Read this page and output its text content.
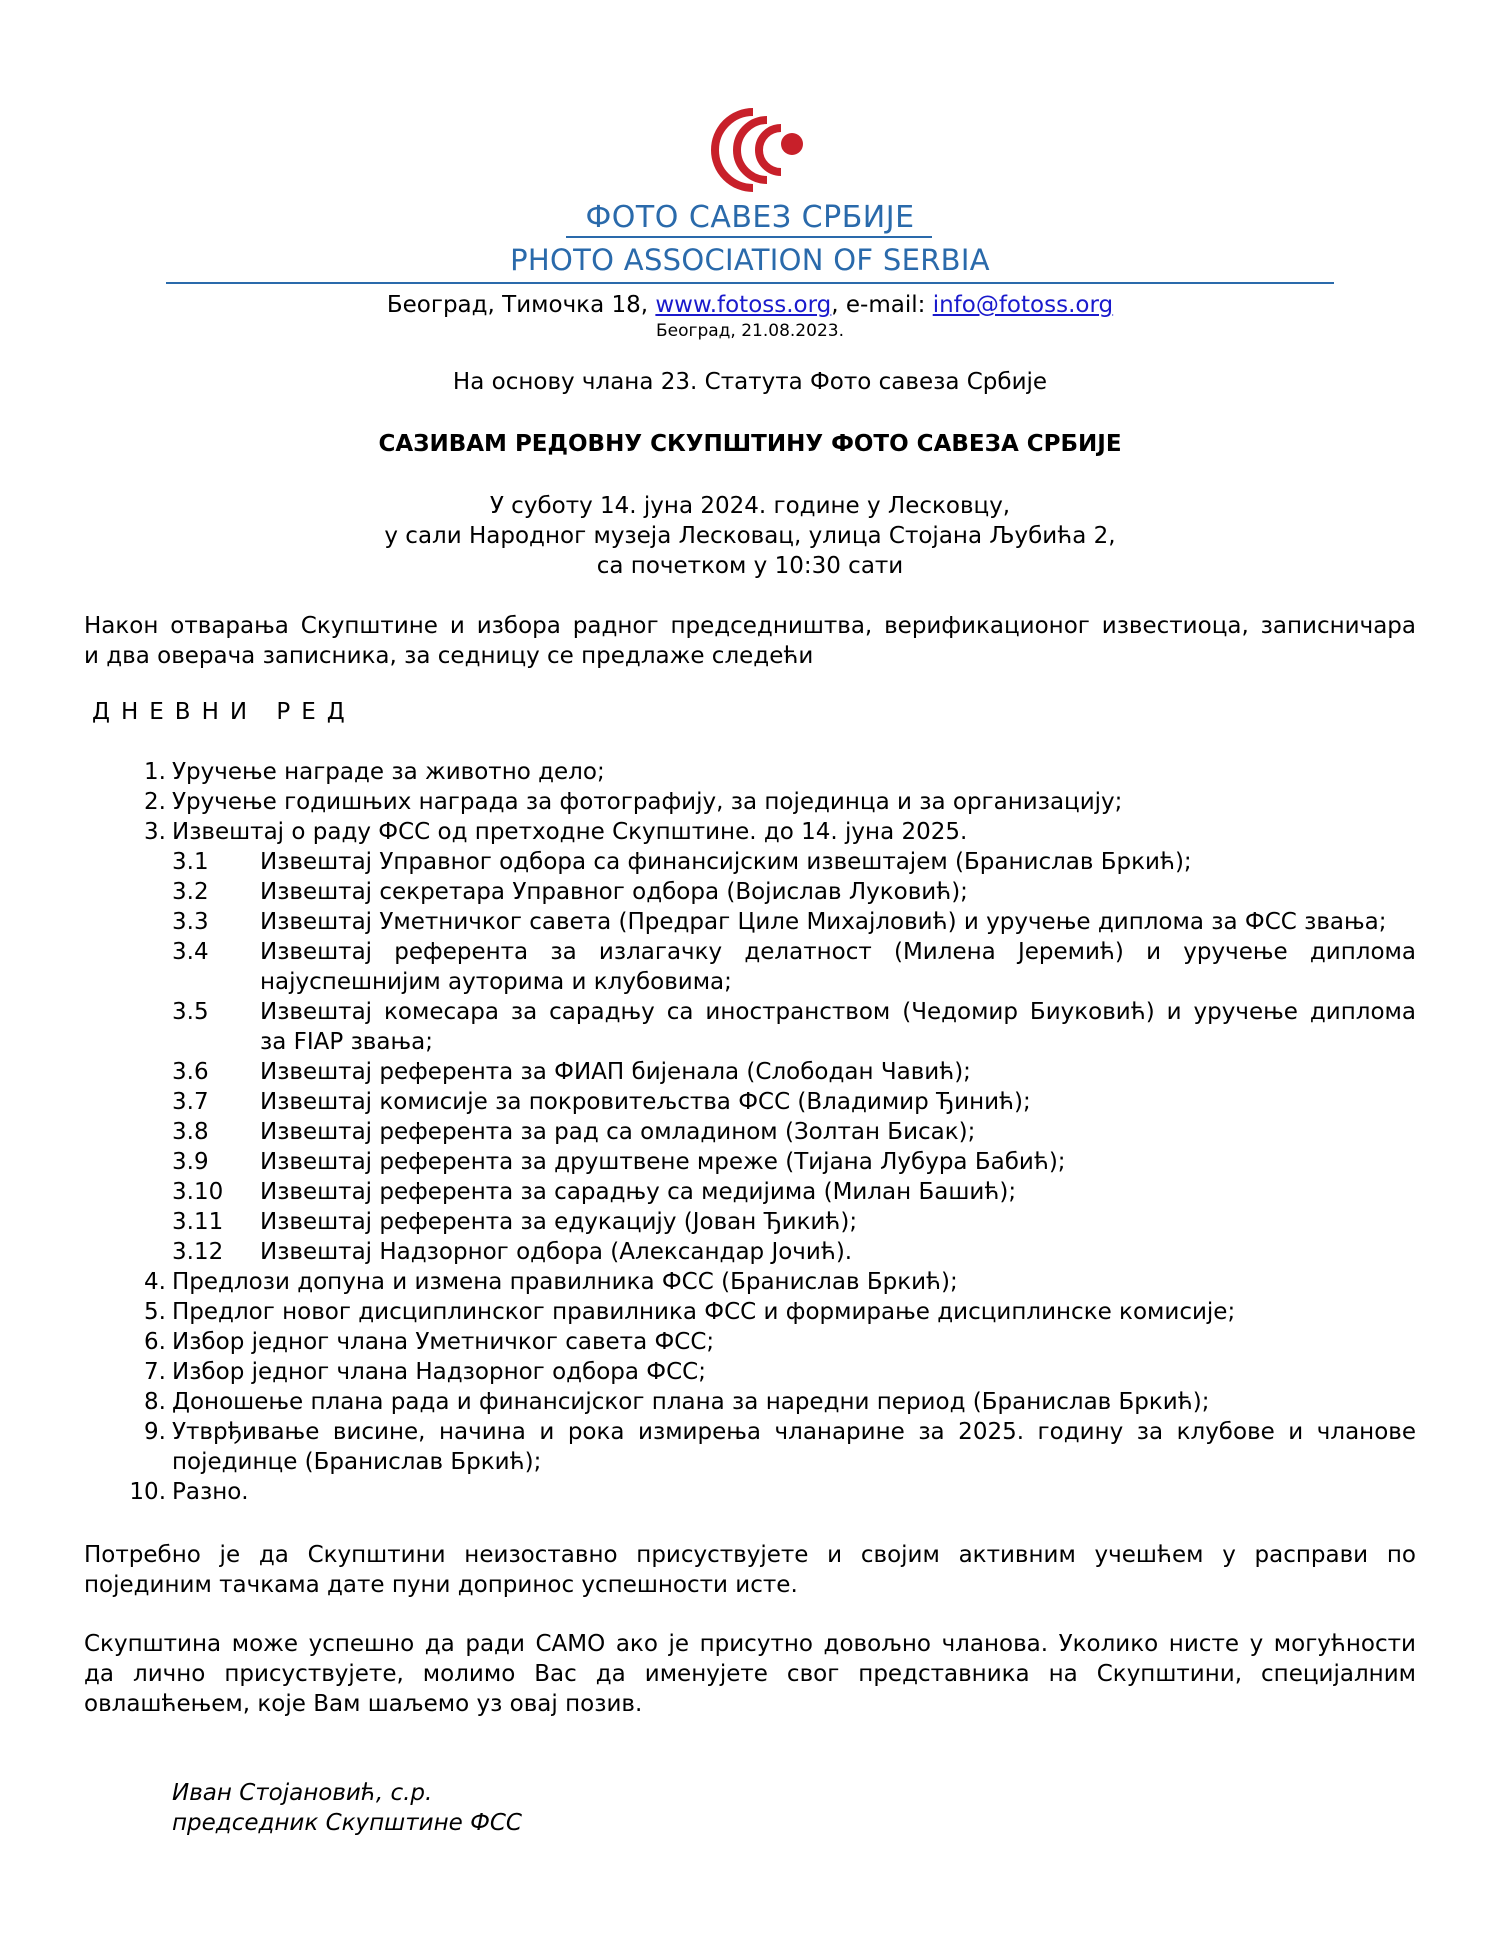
ФОТО САВЕЗ СРБИЈЕ
PHOTO ASSOCIATION OF SERBIA
Београд, Тимочка 18, www.fotoss.org, e-mail: info@fotoss.org
Београд, 21.08.2023.
На основу члана 23. Статута Фото савеза Србије
САЗИВАМ РЕДОВНУ СКУПШТИНУ ФОТО САВЕЗА СРБИЈЕ
У суботу 14. јуна 2024. године у Лесковцу,
у сали Народног музеја Лесковац, улица Стојана Љубића 2,
са почетком у 10:30 сати
Након отварања Скупштине и избора радног председништва, верификационог известиоца, записничара
и два оверача записника, за седницу се предлаже следећи
ДНЕВНИ РЕД
1. Уручење награде за животно дело;
2. Уручење годишњих награда за фотографију, за појединца и за организацију;
3. Извештај о раду ФСС од претходне Скупштине. до 14. јуна 2025.
3.1	Извештај Управног одбора са финансијским извештајем (Бранислав Бркић);
3.2	Извештај секретара Управног одбора (Војислав Луковић);
3.3	Извештај Уметничког савета (Предраг Циле Михајловић) и уручење диплома за ФСС звања;
3.4	Извештај референта за излагачку делатност (Милена Јеремић) и уручење диплома
најуспешнијим ауторима и клубовима;
3.5	Извештај комесара за сарадњу са иностранством (Чедомир Биуковић) и уручење диплома
за FIAP звања;
3.6	Извештај референта за ФИАП бијенала (Слободан Чавић);
3.7	Извештај комисије за покровитељства ФСС (Владимир Ђинић);
3.8	Извештај референта за рад са омладином (Золтан Бисак);
3.9	Извештај референта за друштвене мреже (Тијана Лубура Бабић);
3.10	Извештај референта за сарадњу са медијима (Милан Башић);
3.11	Извештај референта за едукацију (Јован Ђикић);
3.12	Извештај Надзорног одбора (Александар Јочић).
4. Предлози допуна и измена правилника ФСС (Бранислав Бркић);
5. Предлог новог дисциплинског правилника ФСС и формирање дисциплинске комисије;
6. Избор једног члана Уметничког савета ФСС;
7. Избор једног члана Надзорног одбора ФСС;
8. Доношење плана рада и финансијског плана за наредни период (Бранислав Бркић);
9. Утврђивање висине, начина и рока измирења чланарине за 2025. годину за клубове и чланове
појединце (Бранислав Бркић);
10. Разно.
Потребно је да Скупштини неизоставно присуствујете и својим активним учешћем у расправи по
појединим тачкама дате пуни допринос успешности исте.
Скупштина може успешно да ради САМО ако је присутно довољно чланова. Уколико нисте у могућности
да лично присуствујете, молимо Вас да именујете свог представника на Скупштини, специјалним
овлашћењем, које Вам шаљемо уз овај позив.
Иван Стојановић, с.р.
председник Скупштине ФСС
